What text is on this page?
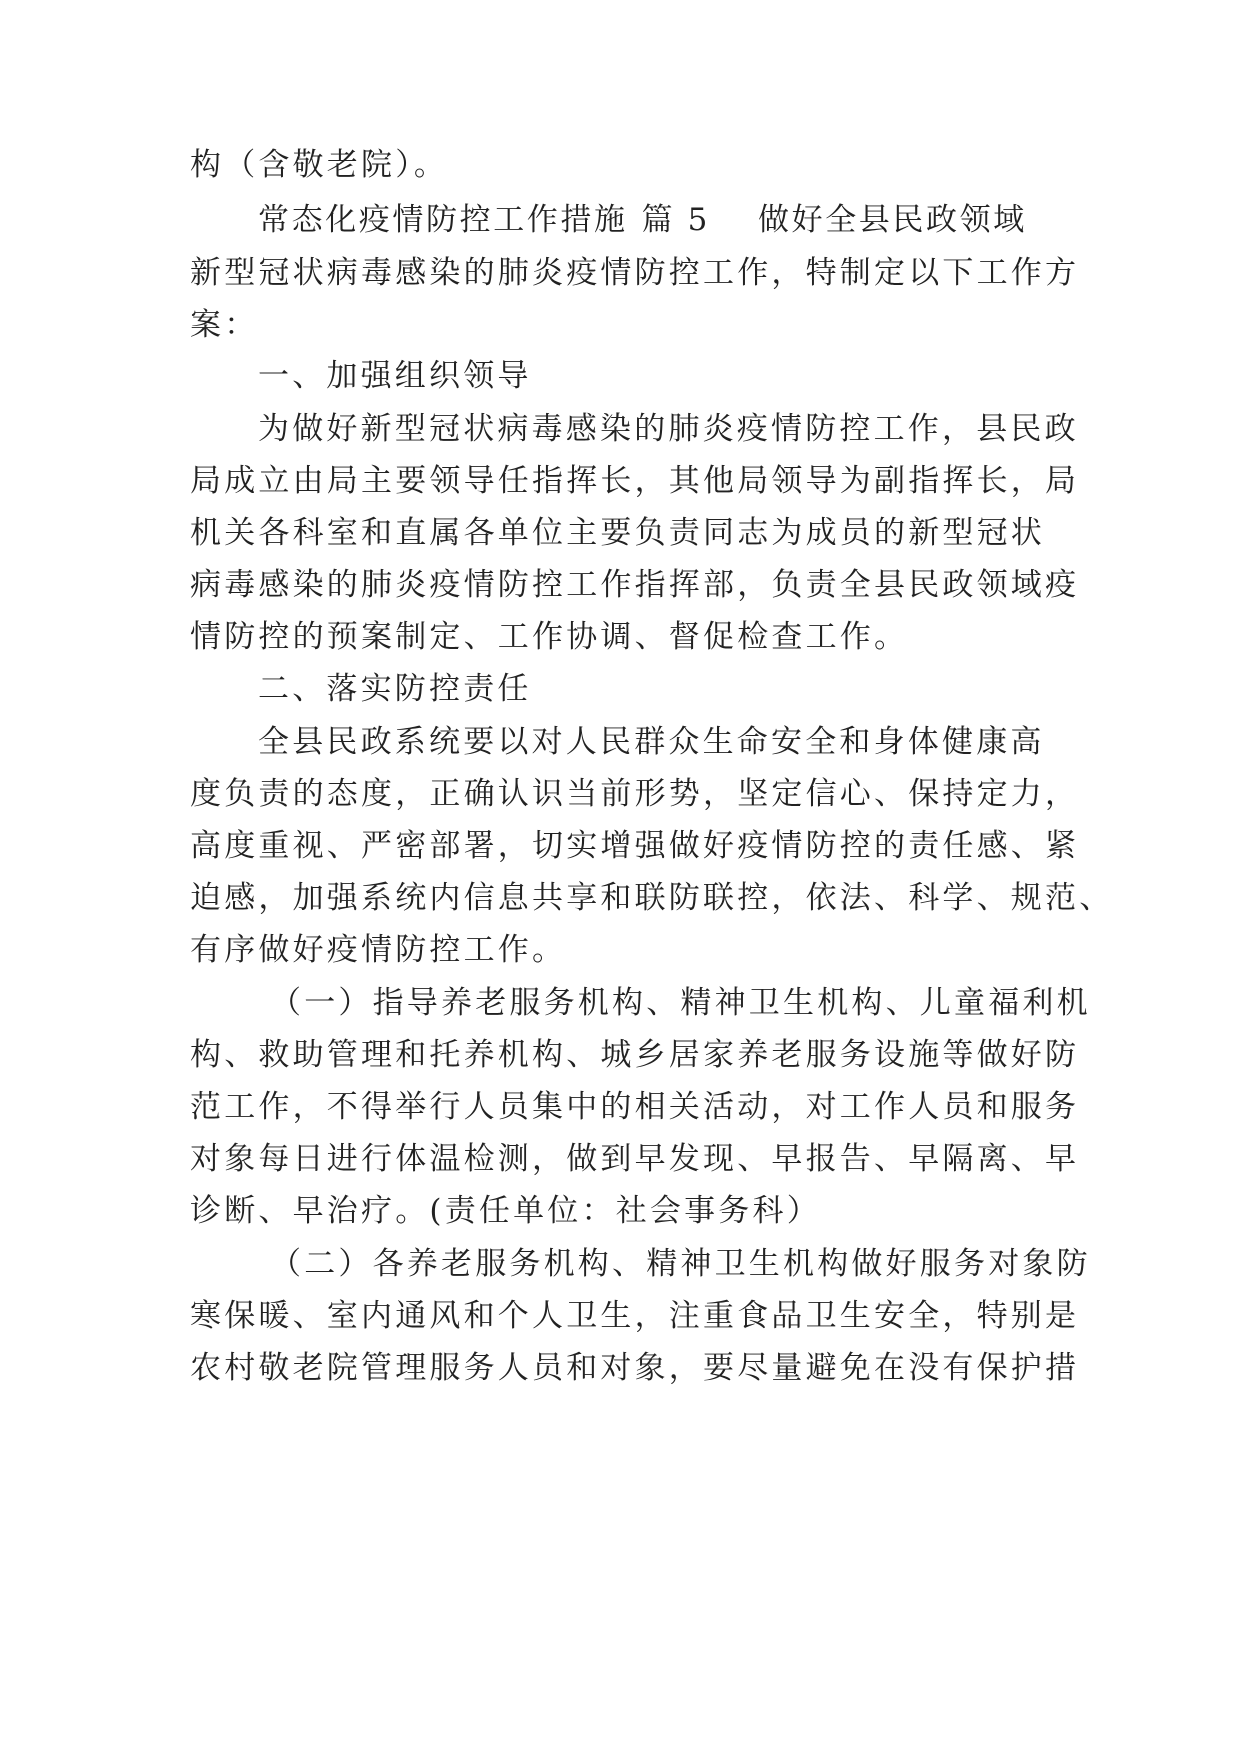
构（含敬老院）。
常态化疫情防控工作措施 篇 5 做好全县民政领域
新型冠状病毒感染的肺炎疫情防控工作，特制定以下工作方
案：
一、加强组织领导
为做好新型冠状病毒感染的肺炎疫情防控工作，县民政
局成立由局主要领导任指挥长，其他局领导为副指挥长，局
机关各科室和直属各单位主要负责同志为成员的新型冠状
病毒感染的肺炎疫情防控工作指挥部，负责全县民政领域疫
情防控的预案制定、工作协调、督促检查工作。
二、落实防控责任
全县民政系统要以对人民群众生命安全和身体健康高
度负责的态度，正确认识当前形势，坚定信心、保持定力，
高度重视、严密部署，切实增强做好疫情防控的责任感、紧
迫感，加强系统内信息共享和联防联控，依法、科学、规范、
有序做好疫情防控工作。
（一）指导养老服务机构、精神卫生机构、儿童福利机
构、救助管理和托养机构、城乡居家养老服务设施等做好防
范工作，不得举行人员集中的相关活动，对工作人员和服务
对象每日进行体温检测，做到早发现、早报告、早隔离、早
诊断、早治疗。(责任单位：社会事务科）
（二）各养老服务机构、精神卫生机构做好服务对象防
寒保暖、室内通风和个人卫生，注重食品卫生安全，特别是
农村敬老院管理服务人员和对象，要尽量避免在没有保护措
